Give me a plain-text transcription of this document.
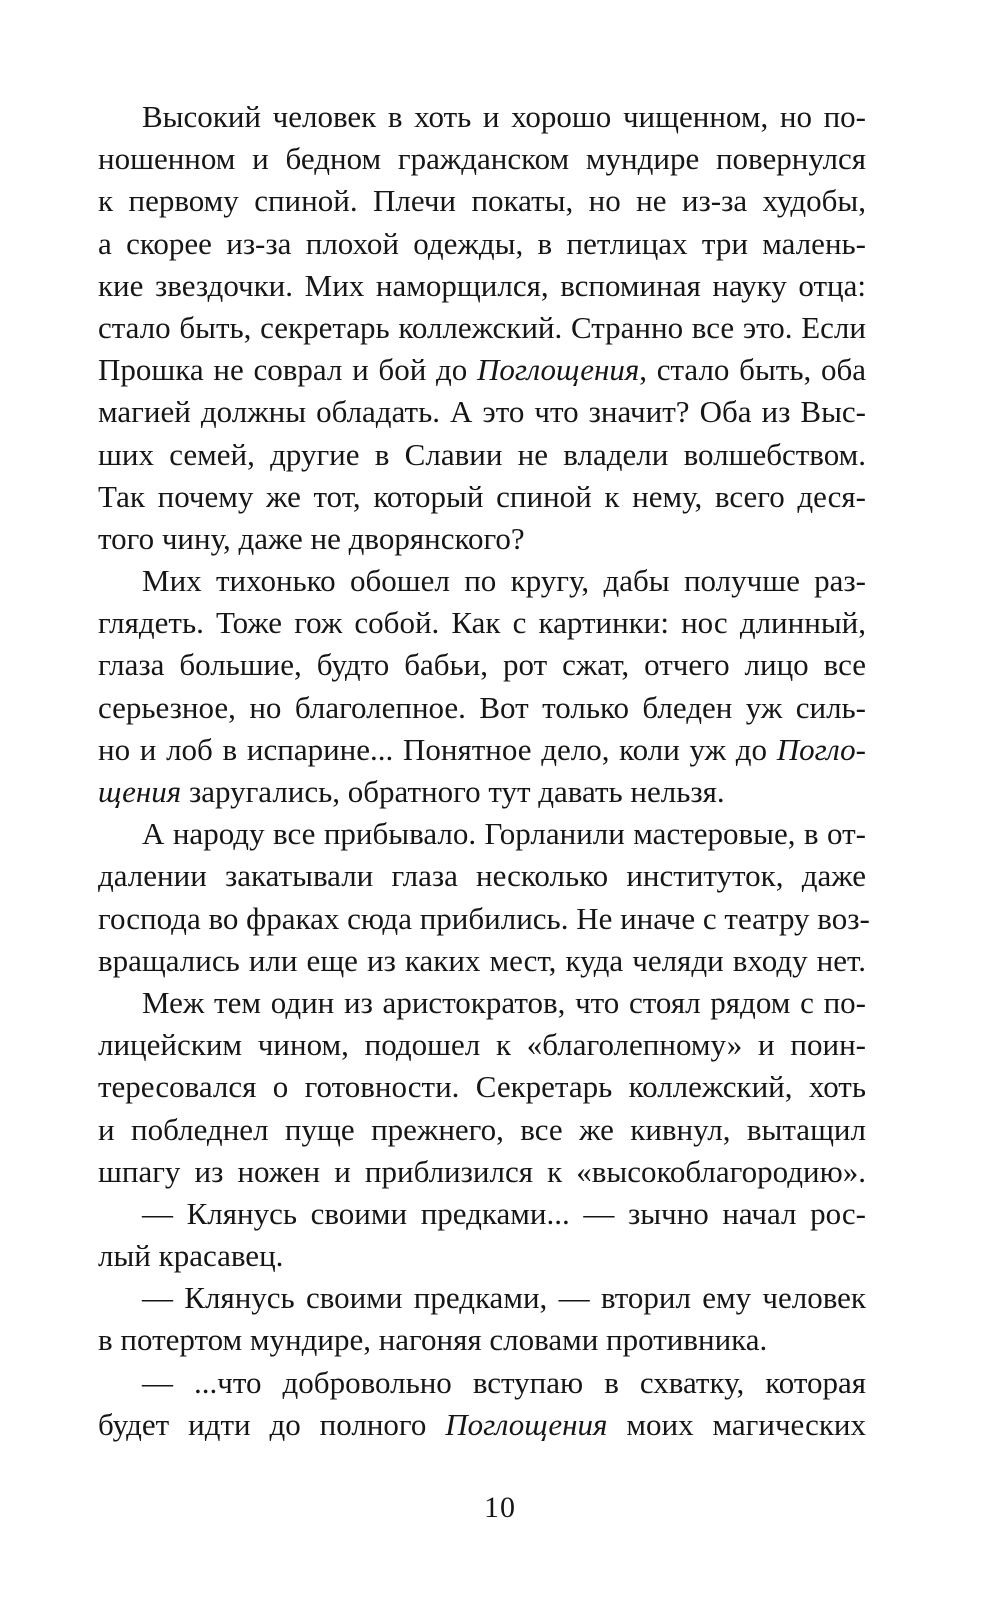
Высокий человек в хоть и хорошо чищенном, но по-
ношенном и бедном гражданском мундире повернулся
к первому спиной. Плечи покаты, но не из-за худобы,
а скорее из-за плохой одежды, в петлицах три малень-
кие звездочки. Мих наморщился, вспоминая науку отца:
стало быть, секретарь коллежский. Странно все это. Если
Прошка не соврал и бой до Поглощения, стало быть, оба
магией должны обладать. А это что значит? Оба из Выс-
ших семей, другие в Славии не владели волшебством.
Так почему же тот, который спиной к нему, всего деся-
того чину, даже не дворянского?
Мих тихонько обошел по кругу, дабы получше раз-
глядеть. Тоже гож собой. Как с картинки: нос длинный,
глаза большие, будто бабьи, рот сжат, отчего лицо все
серьезное, но благолепное. Вот только бледен уж силь-
но и лоб в испарине... Понятное дело, коли уж до Погло-
щения заругались, обратного тут давать нельзя.
А народу все прибывало. Горланили мастеровые, в от-
далении закатывали глаза несколько институток, даже
господа во фраках сюда прибились. Не иначе с театру воз-
вращались или еще из каких мест, куда челяди входу нет.
Меж тем один из аристократов, что стоял рядом с по-
лицейским чином, подошел к «благолепному» и поин-
тересовался о готовности. Секретарь коллежский, хоть
и побледнел пуще прежнего, все же кивнул, вытащил
шпагу из ножен и приблизился к «высокоблагородию».
— Клянусь своими предками... — зычно начал рос-
лый красавец.
— Клянусь своими предками, — вторил ему человек
в потертом мундире, нагоняя словами противника.
— ...что добровольно вступаю в схватку, которая
будет идти до полного Поглощения моих магических
10
